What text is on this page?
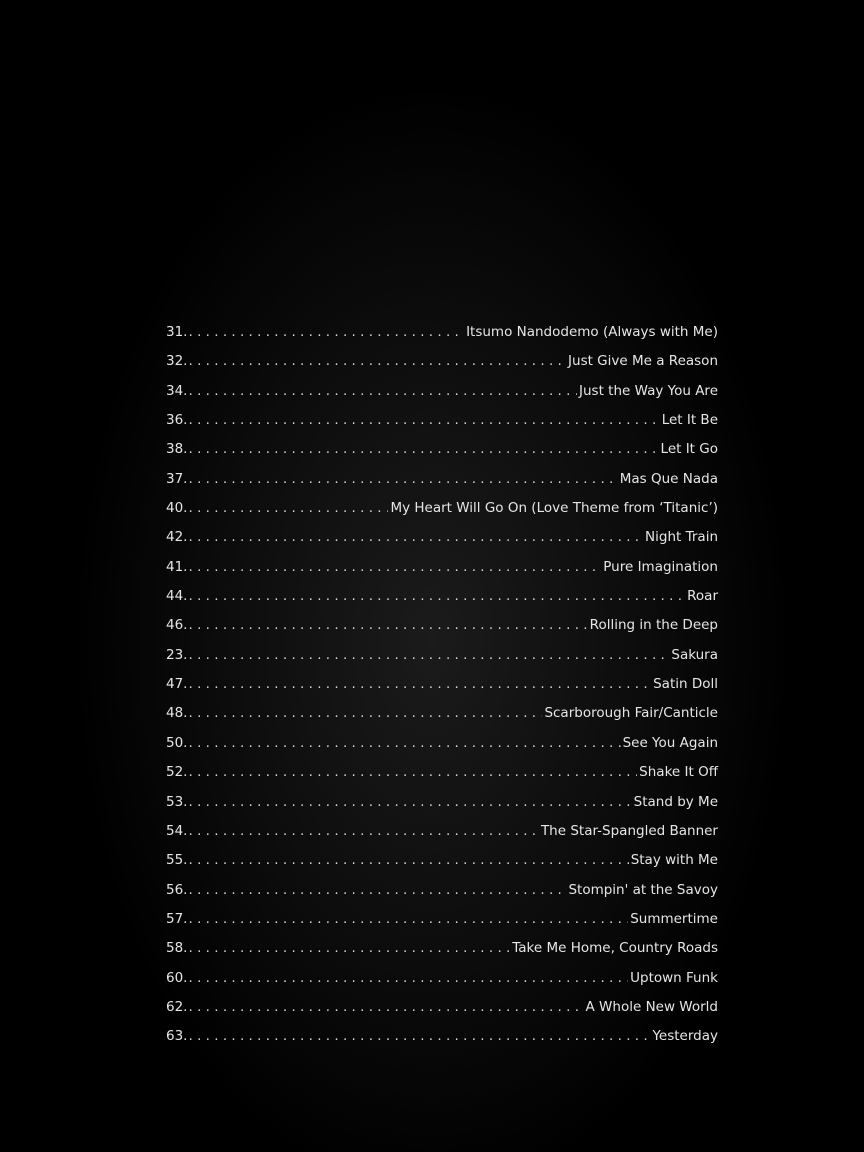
31. . . .	Itsumo Nandodemo (Always with Me)
32. . . .	Just Give Me a Reason
34. . . .	Just the Way You Are
36. . . .	Let It Be
38. . . .	Let It Go
37. . . .	Mas Que Nada
40. . . .	My Heart Will Go On (Love Theme from ‘Titanic’)
42. . . .	Night Train
41. . . .	Pure Imagination
44. . . .	Roar
46. . . .	Rolling in the Deep
23. . . .	Sakura
47. . . .	Satin Doll
48. . . .	Scarborough Fair/Canticle
50. . . .	See You Again
52. . . .	Shake It Off
53. . . .	Stand by Me
54. . . .	The Star-Spangled Banner
55. . . .	Stay with Me
56. . . .	Stompin' at the Savoy
57. . . .	Summertime
58. . . .	Take Me Home, Country Roads
60. . . .	Uptown Funk
62. . . .	A Whole New World
63. . . .	Yesterday
